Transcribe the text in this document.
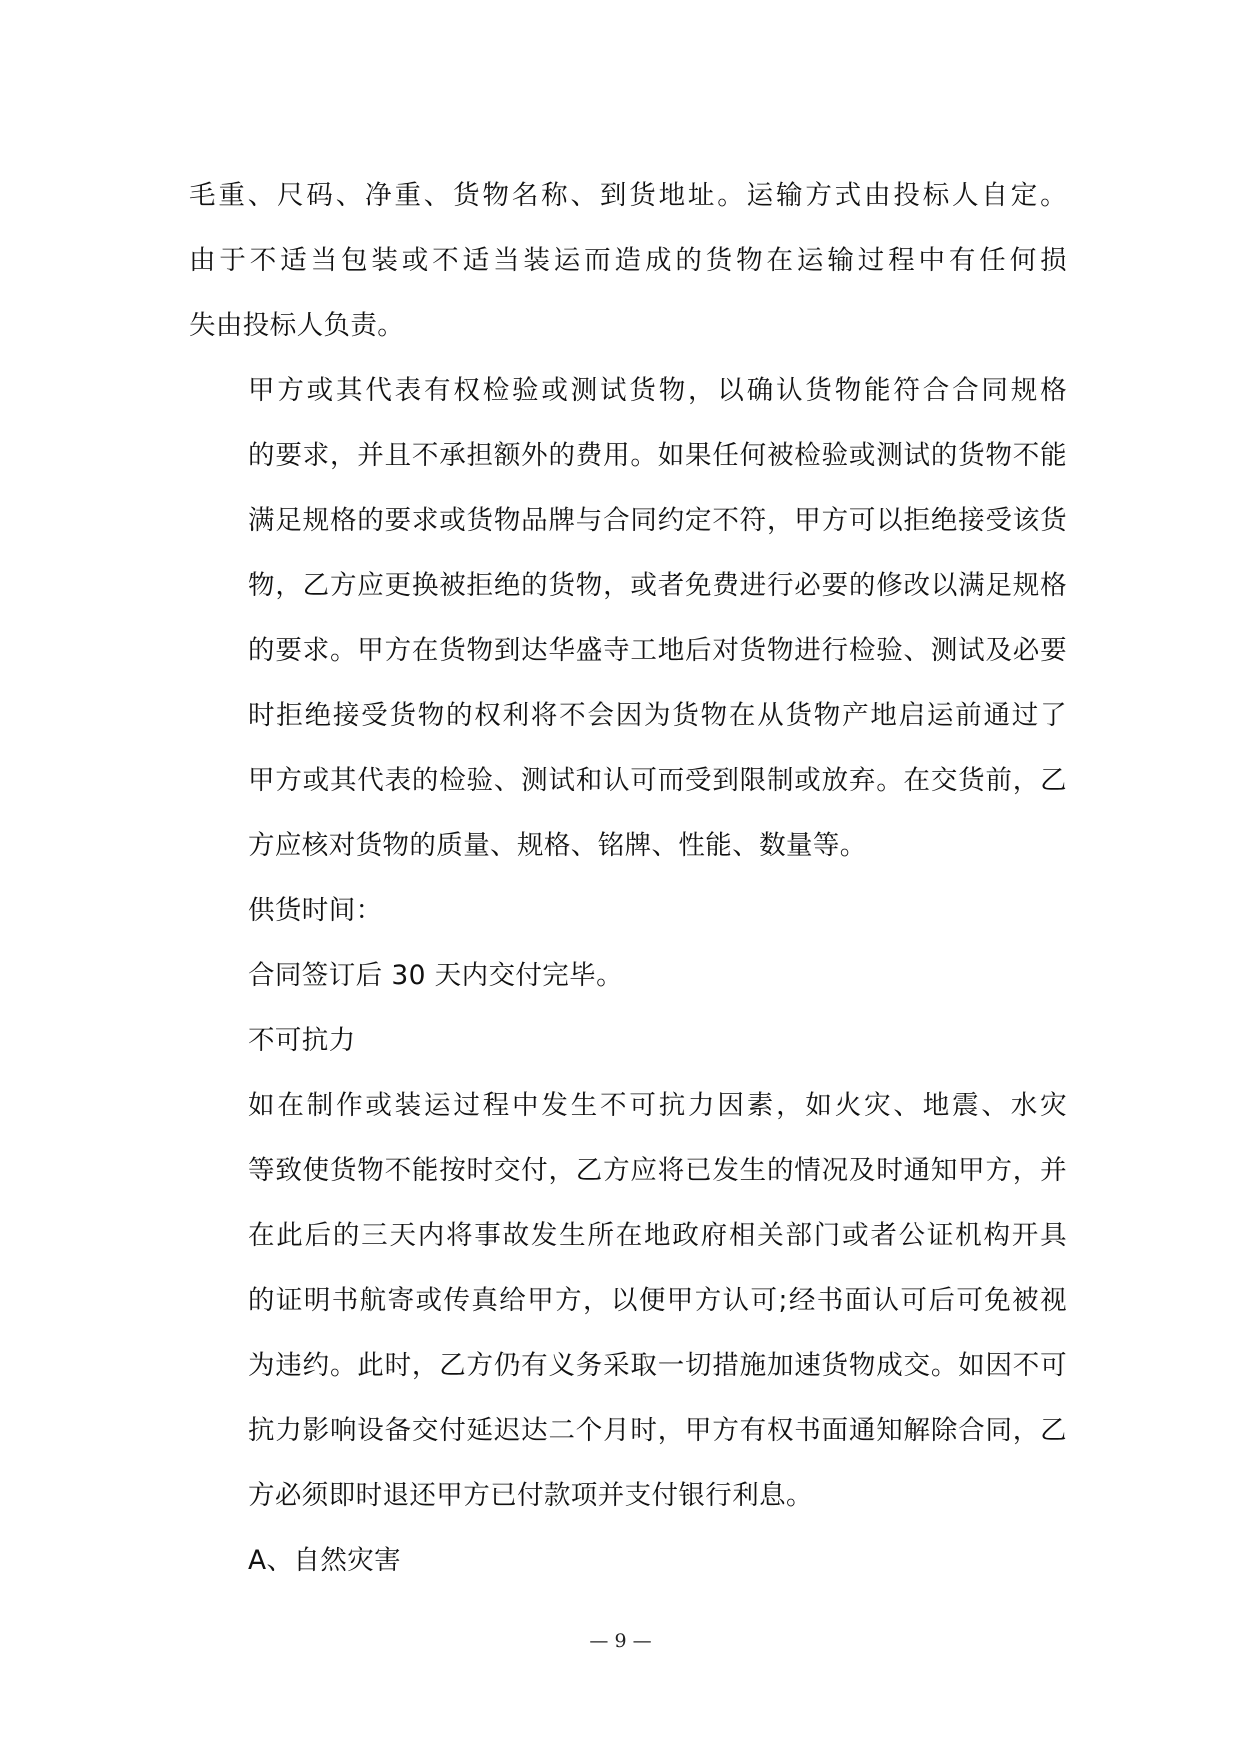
毛重、尺码、净重、货物名称、到货地址。运输方式由投标人自定。
由于不适当包装或不适当装运而造成的货物在运输过程中有任何损
失由投标人负责。

甲方或其代表有权检验或测试货物，以确认货物能符合合同规格
的要求，并且不承担额外的费用。如果任何被检验或测试的货物不能
满足规格的要求或货物品牌与合同约定不符，甲方可以拒绝接受该货
物，乙方应更换被拒绝的货物，或者免费进行必要的修改以满足规格
的要求。甲方在货物到达华盛寺工地后对货物进行检验、测试及必要
时拒绝接受货物的权利将不会因为货物在从货物产地启运前通过了
甲方或其代表的检验、测试和认可而受到限制或放弃。在交货前，乙
方应核对货物的质量、规格、铭牌、性能、数量等。

供货时间：

合同签订后 30 天内交付完毕。

不可抗力

如在制作或装运过程中发生不可抗力因素，如火灾、地震、水灾
等致使货物不能按时交付，乙方应将已发生的情况及时通知甲方，并
在此后的三天内将事故发生所在地政府相关部门或者公证机构开具
的证明书航寄或传真给甲方，以便甲方认可;经书面认可后可免被视
为违约。此时，乙方仍有义务采取一切措施加速货物成交。如因不可
抗力影响设备交付延迟达二个月时，甲方有权书面通知解除合同，乙
方必须即时退还甲方已付款项并支付银行利息。

A、自然灾害

— 9 —
